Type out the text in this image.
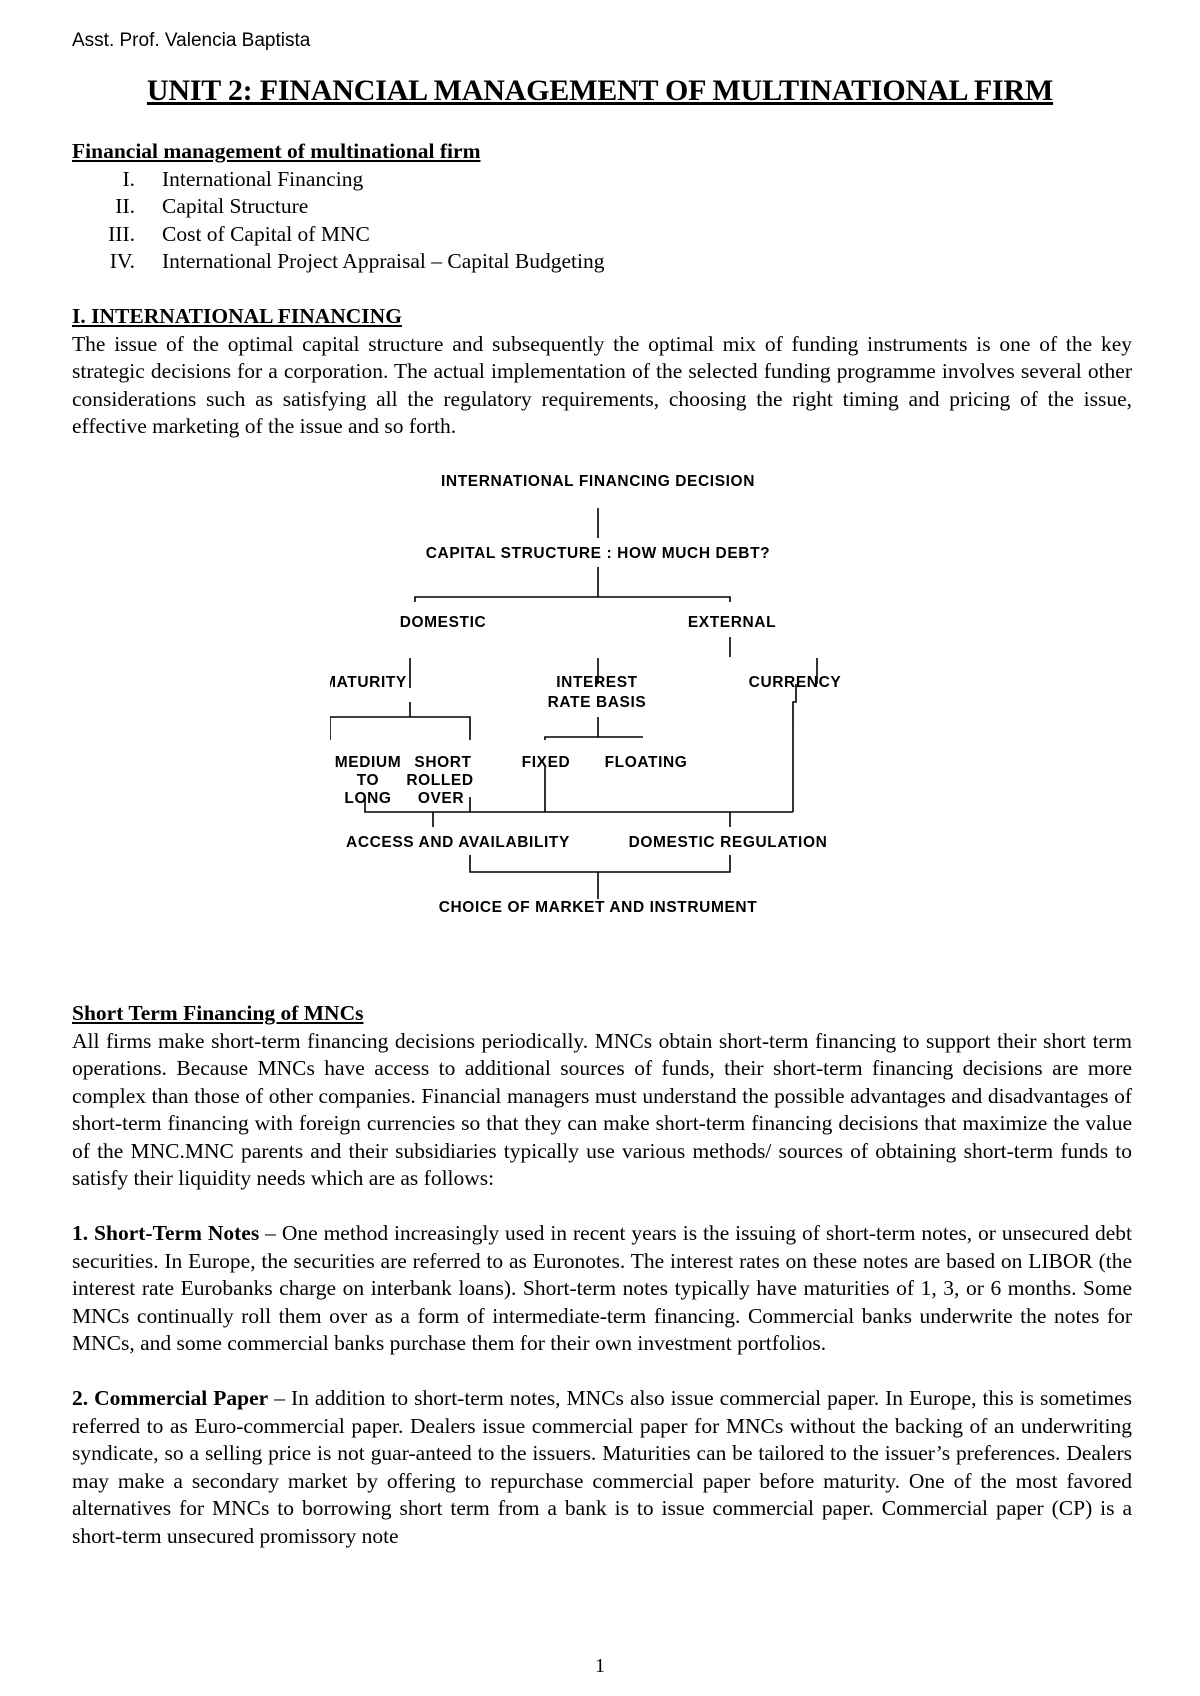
Asst. Prof. Valencia Baptista
UNIT 2: FINANCIAL MANAGEMENT OF MULTINATIONAL FIRM
Financial management of multinational firm
I.	International Financing
II.	Capital Structure
III.	Cost of Capital of MNC
IV.	International Project Appraisal – Capital Budgeting
I. INTERNATIONAL FINANCING

The issue of the optimal capital structure and subsequently the optimal mix of funding instruments is one of the key strategic decisions for a corporation. The actual implementation of the selected funding programme involves several other considerations such as satisfying all the regulatory requirements, choosing the right timing and pricing of the issue, effective marketing of the issue and so forth.

INTERNATIONAL FINANCING DECISION
CAPITAL STRUCTURE : HOW MUCH DEBT?
DOMESTIC	EXTERNAL
MATURITY	INTEREST
RATE BASIS
CURRENCY
MEDIUM
TO
LONG
SHORT
ROLLED
OVER
FIXED FLOATING
ACCESS AND AVAILABILITY	DOMESTIC REGULATION
CHOICE OF MARKET AND INSTRUMENT
Short Term Financing of MNCs

All firms make short-term financing decisions periodically. MNCs obtain short-term financing to support their short term operations. Because MNCs have access to additional sources of funds, their short-term financing decisions are more complex than those of other companies. Financial managers must understand the possible advantages and disadvantages of short-term financing with foreign currencies so that they can make short-term financing decisions that maximize the value of the MNC.MNC parents and their subsidiaries typically use various methods/ sources of obtaining short-term funds to satisfy their liquidity needs which are as follows:

1. Short-Term Notes – One method increasingly used in recent years is the issuing of short-term notes, or unsecured debt securities. In Europe, the securities are referred to as Euronotes. The interest rates on these notes are based on LIBOR (the interest rate Eurobanks charge on interbank loans). Short-term notes typically have maturities of 1, 3, or 6 months. Some MNCs continually roll them over as a form of intermediate-term financing. Commercial banks underwrite the notes for MNCs, and some commercial banks purchase them for their own investment portfolios.

2. Commercial Paper – In addition to short-term notes, MNCs also issue commercial paper. In Europe, this is sometimes referred to as Euro-commercial paper. Dealers issue commercial paper for MNCs without the backing of an underwriting syndicate, so a selling price is not guar-anteed to the issuers. Maturities can be tailored to the issuer’s preferences. Dealers may make a secondary market by offering to repurchase commercial paper before maturity. One of the most favored alternatives for MNCs to borrowing short term from a bank is to issue commercial paper. Commercial paper (CP) is a short-term unsecured promissory note

1
